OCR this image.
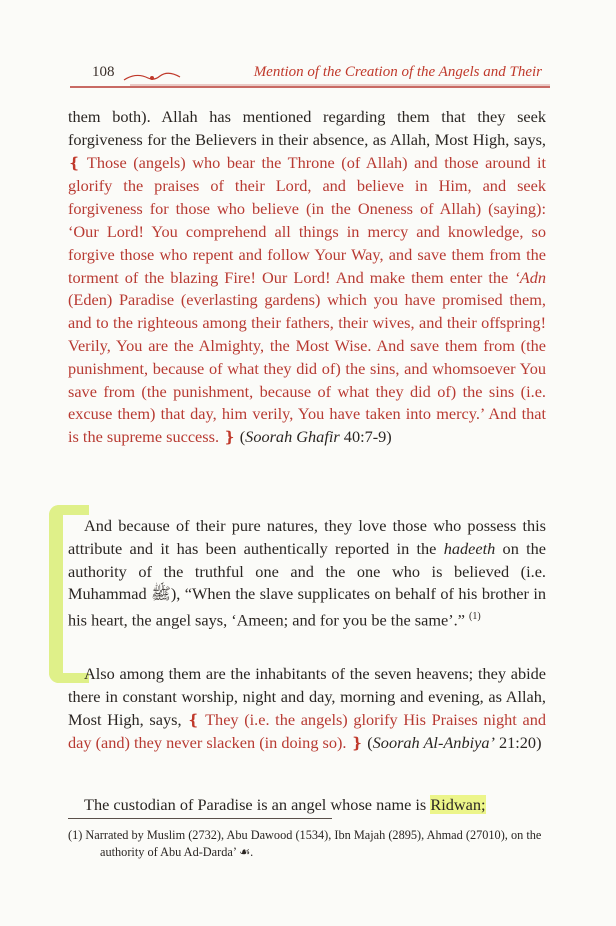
108	Mention of the Creation of the Angels and Their

them both). Allah has mentioned regarding them that they seek forgiveness for the Believers in their absence, as Allah, Most High, says, ❴ Those (angels) who bear the Throne (of Allah) and those around it glorify the praises of their Lord, and believe in Him, and seek forgiveness for those who believe (in the Oneness of Allah) (saying): ‘Our Lord! You comprehend all things in mercy and knowledge, so forgive those who repent and follow Your Way, and save them from the torment of the blazing Fire! Our Lord! And make them enter the ‘Adn (Eden) Paradise (everlasting gardens) which you have promised them, and to the righteous among their fathers, their wives, and their offspring! Verily, You are the Almighty, the Most Wise. And save them from (the punishment, because of what they did of) the sins, and whomsoever You save from (the punishment, because of what they did of) the sins (i.e. excuse them) that day, him verily, You have taken into mercy.’ And that is the supreme success. ❵ (Soorah Ghafir 40:7-9)

And because of their pure natures, they love those who possess this attribute and it has been authentically reported in the hadeeth on the authority of the truthful one and the one who is believed (i.e. Muhammad ﷺ), “When the slave supplicates on behalf of his brother in his heart, the angel says, ‘Ameen; and for you be the same’.” $^{(1)}$

Also among them are the inhabitants of the seven heavens; they abide there in constant worship, night and day, morning and evening, as Allah, Most High, says, ❴ They (i.e. the angels) glorify His Praises night and day (and) they never slacken (in doing so). ❵ (Soorah Al-Anbiya’ 21:20)

The custodian of Paradise is an angel whose name is Ridwan;

(1) Narrated by Muslim (2732), Abu Dawood (1534), Ibn Majah (2895), Ahmad (27010), on the authority of Abu Ad-Darda’ ☙.
